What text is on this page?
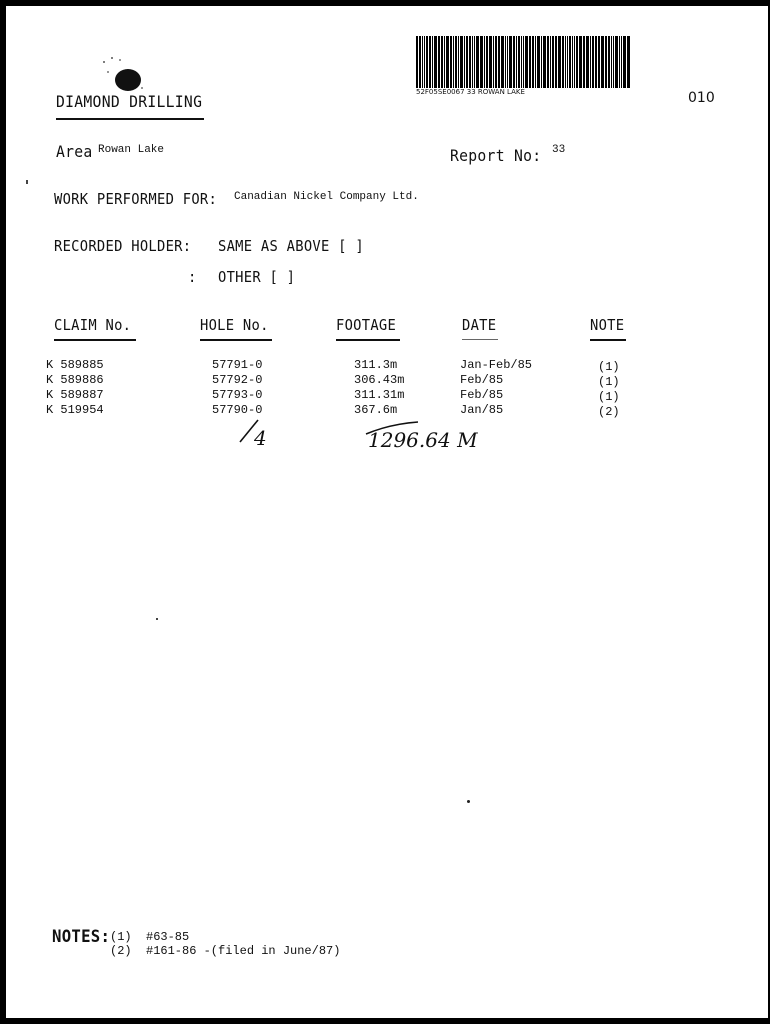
DIAMOND DRILLING	52F05SE0067 33 ROWAN LAKE	010
Area Rowan Lake	Report No: 33
WORK PERFORMED FOR: Canadian Nickel Company Ltd.
RECORDED HOLDER: SAME AS ABOVE [ ]
: OTHER [ ]
CLAIM No.	HOLE No.	FOOTAGE	DATE	NOTE
K 589885	57791-0	311.3m	Jan-Feb/85	(1)
K 589886	57792-0	306.43m	Feb/85	(1)
K 589887	57793-0	311.31m	Feb/85	(1)
K 519954	57790-0	367.6m	Jan/85	(2)
4	1296.64 M
NOTES: (1) #63-85
(2) #161-86 -(filed in June/87)
